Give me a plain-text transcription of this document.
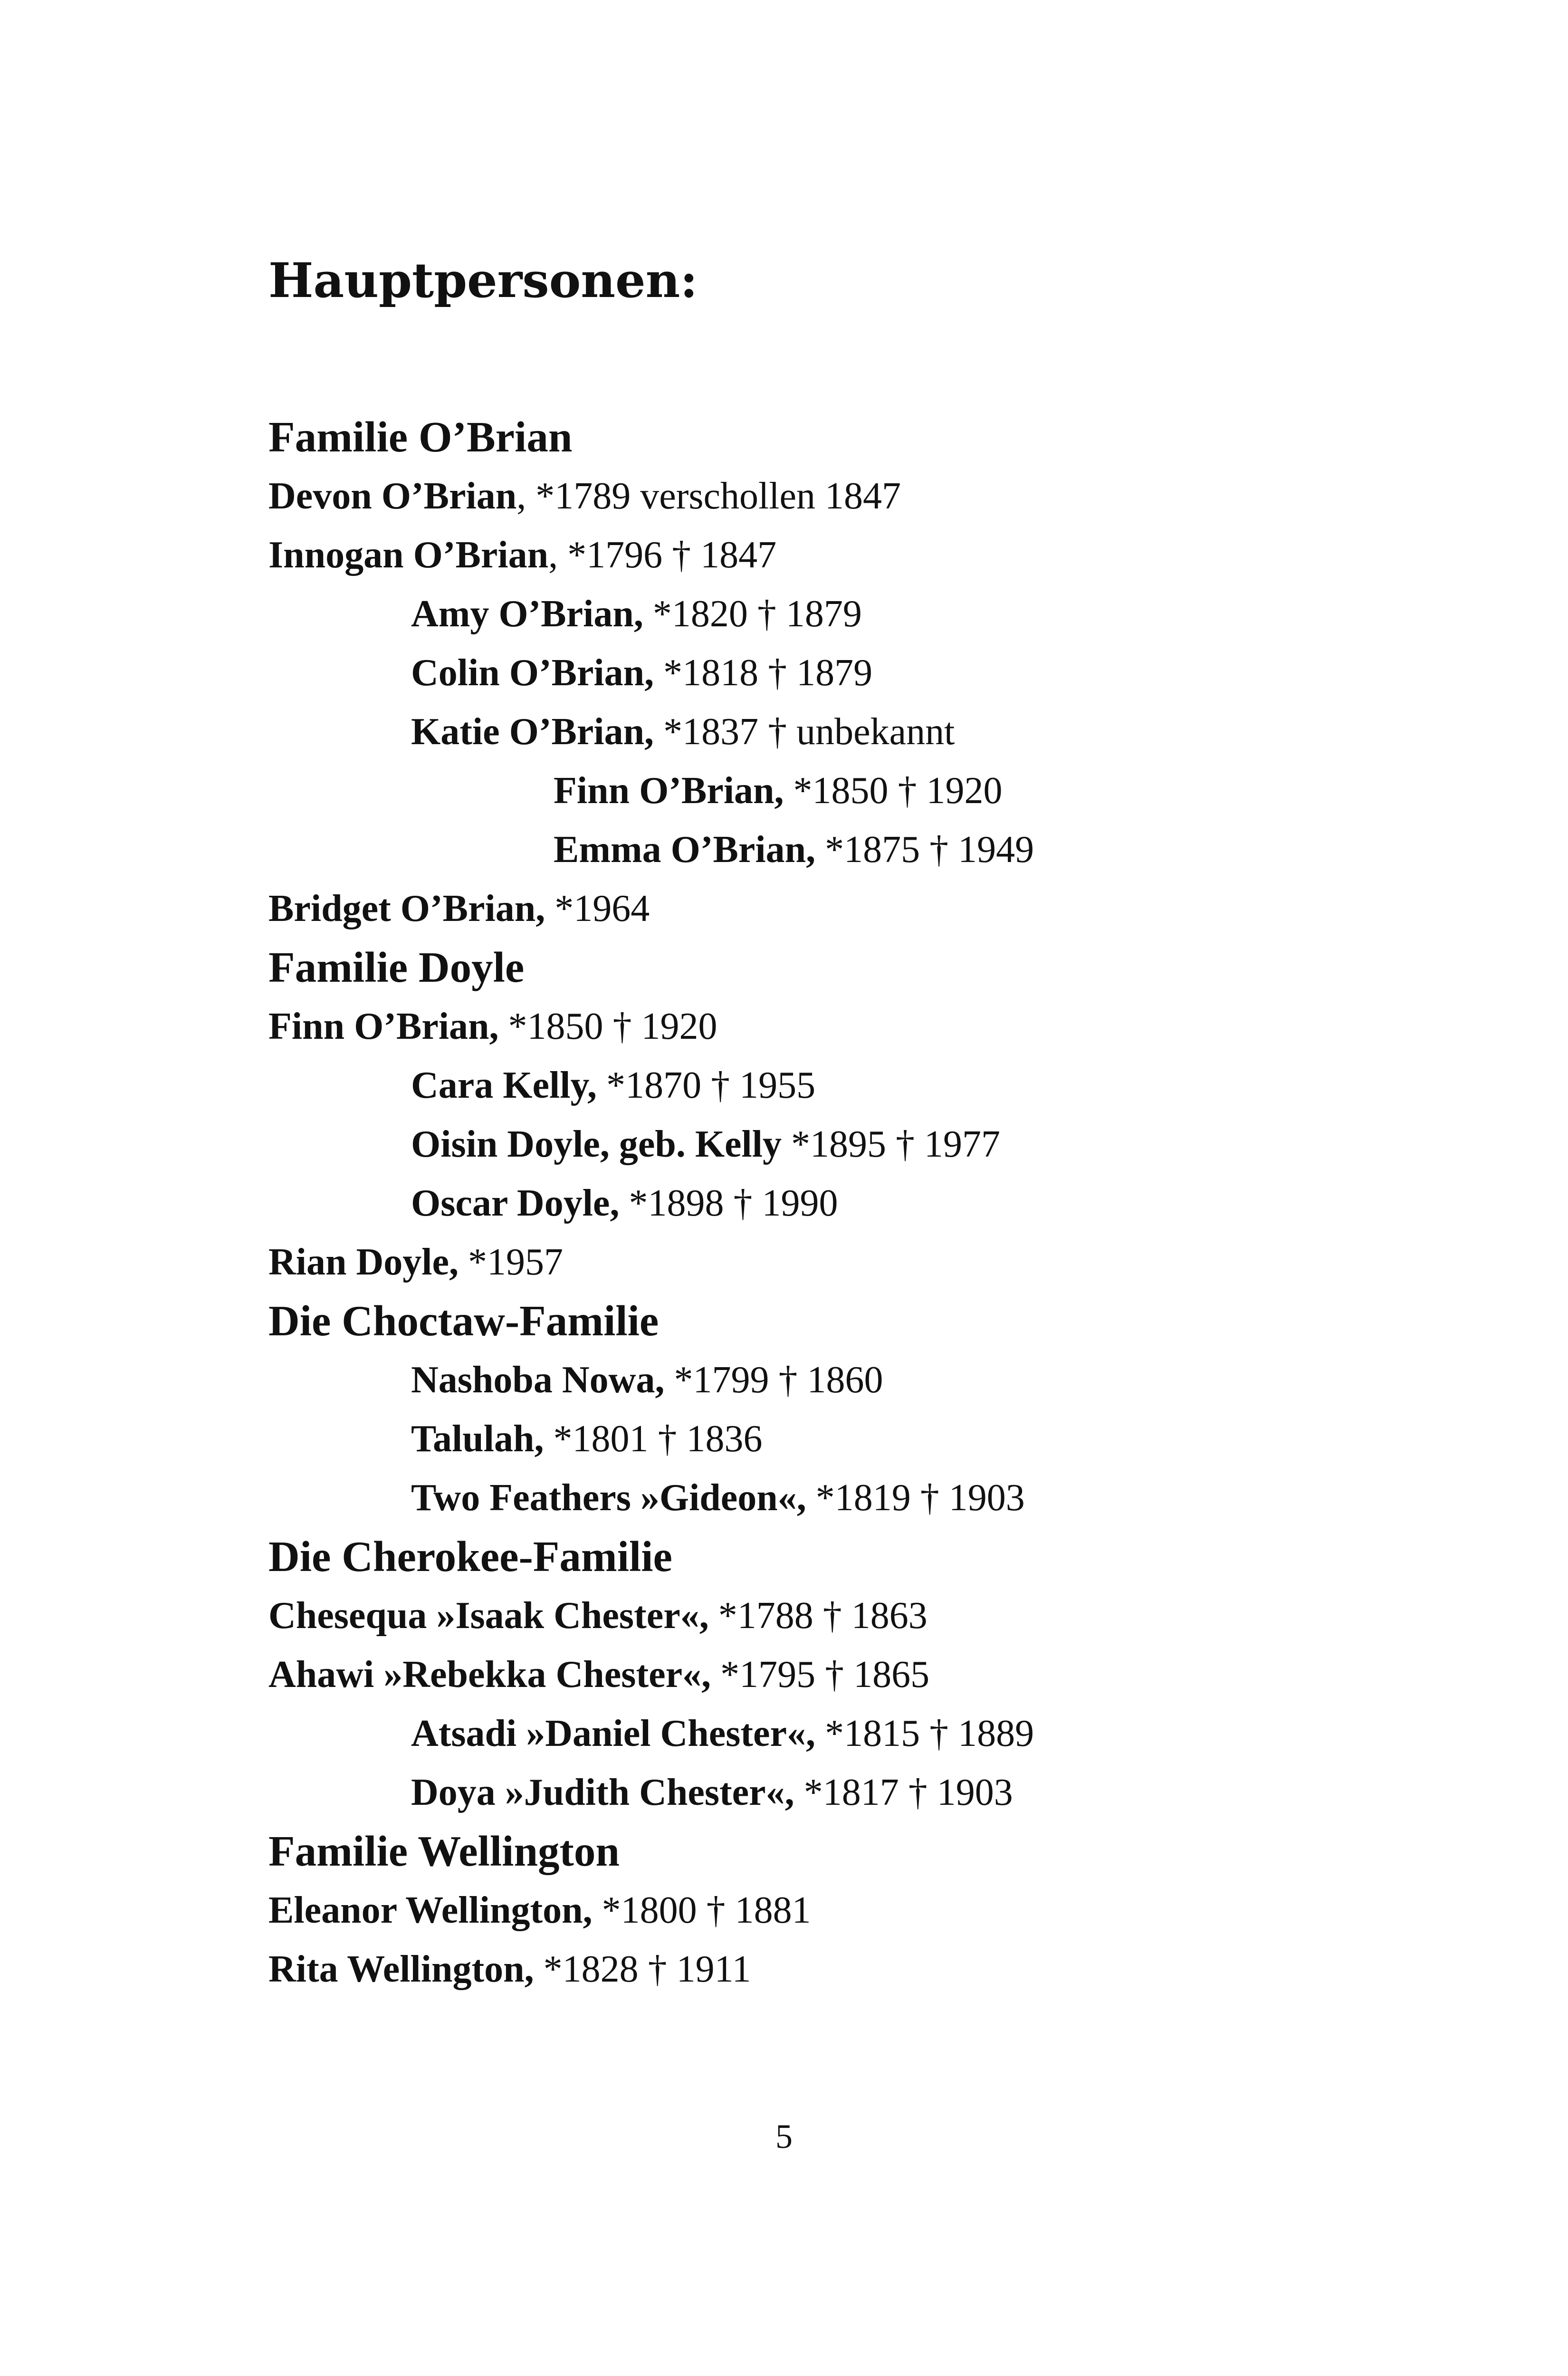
Hauptpersonen:
Familie O’Brian
Devon O’Brian, *1789 verschollen 1847
Innogan O’Brian, *1796 † 1847
Amy O’Brian, *1820 † 1879
Colin O’Brian, *1818 † 1879
Katie O’Brian, *1837 † unbekannt
Finn O’Brian, *1850 † 1920
Emma O’Brian, *1875 † 1949
Bridget O’Brian, *1964
Familie Doyle
Finn O’Brian, *1850 † 1920
Cara Kelly, *1870 † 1955
Oisin Doyle, geb. Kelly *1895 † 1977
Oscar Doyle, *1898 † 1990
Rian Doyle, *1957
Die Choctaw-Familie
Nashoba Nowa, *1799 † 1860
Talulah, *1801 † 1836
Two Feathers »Gideon«, *1819 † 1903
Die Cherokee-Familie
Chesequa »Isaak Chester«, *1788 † 1863
Ahawi »Rebekka Chester«, *1795 † 1865
Atsadi »Daniel Chester«, *1815 † 1889
Doya »Judith Chester«, *1817 † 1903
Familie Wellington
Eleanor Wellington, *1800 † 1881
Rita Wellington, *1828 † 1911
5
